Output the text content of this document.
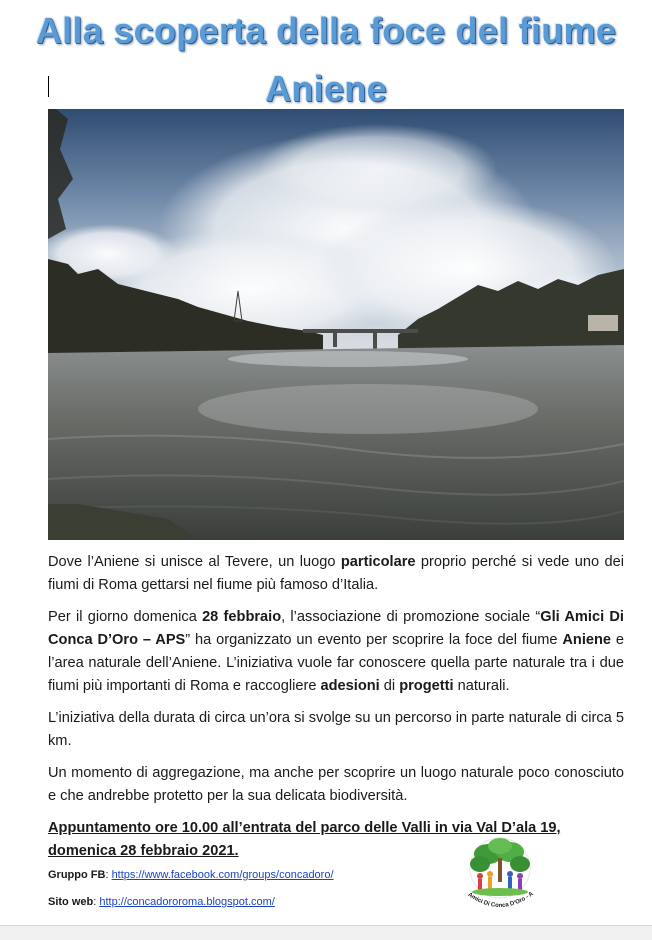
Alla scoperta della foce del fiume
Aniene

Dove l’Aniene si unisce al Tevere, un luogo particolare proprio perché si vede uno dei fiumi di Roma gettarsi nel fiume più famoso d’Italia.

Per il giorno domenica 28 febbraio, l’associazione di promozione sociale “Gli Amici Di Conca D’Oro – APS” ha organizzato un evento per scoprire la foce del fiume Aniene e l’area naturale dell’Aniene. L’iniziativa vuole far conoscere quella parte naturale tra i due fiumi più importanti di Roma e raccogliere adesioni di progetti naturali.

L’iniziativa della durata di circa un’ora si svolge su un percorso in parte naturale di circa 5 km.

Un momento di aggregazione, ma anche per scoprire un luogo naturale poco conosciuto e che andrebbe protetto per la sua delicata biodiversità.

Appuntamento ore 10.00 all’entrata del parco delle Valli in via Val D’ala 19, domenica 28 febbraio 2021.

Gruppo FB: https://www.facebook.com/groups/concadoro/
Sito web: http://concadororoma.blogspot.com/
Amici Di Conca D'Oro - A
